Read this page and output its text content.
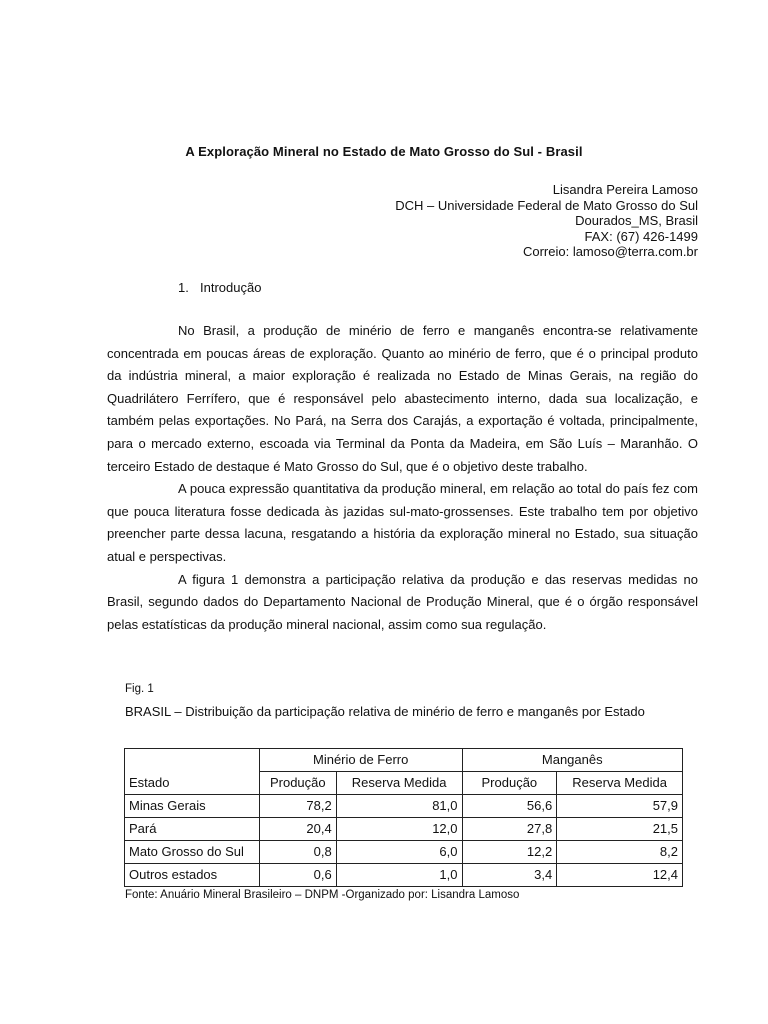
A Exploração Mineral no Estado de Mato Grosso do Sul - Brasil
Lisandra Pereira Lamoso
DCH – Universidade Federal de Mato Grosso do Sul
Dourados_MS, Brasil
FAX: (67) 426-1499
Correio: lamoso@terra.com.br
1. Introdução

No Brasil, a produção de minério de ferro e manganês encontra-se relativamente concentrada em poucas áreas de exploração. Quanto ao minério de ferro, que é o principal produto da indústria mineral, a maior exploração é realizada no Estado de Minas Gerais, na região do Quadrilátero Ferrífero, que é responsável pelo abastecimento interno, dada sua localização, e também pelas exportações. No Pará, na Serra dos Carajás, a exportação é voltada, principalmente, para o mercado externo, escoada via Terminal da Ponta da Madeira, em São Luís – Maranhão. O terceiro Estado de destaque é Mato Grosso do Sul, que é o objetivo deste trabalho.

A pouca expressão quantitativa da produção mineral, em relação ao total do país fez com que pouca literatura fosse dedicada às jazidas sul-mato-grossenses. Este trabalho tem por objetivo preencher parte dessa lacuna, resgatando a história da exploração mineral no Estado, sua situação atual e perspectivas.

A figura 1 demonstra a participação relativa da produção e das reservas medidas no Brasil, segundo dados do Departamento Nacional de Produção Mineral, que é o órgão responsável pelas estatísticas da produção mineral nacional, assim como sua regulação.

Fig. 1
BRASIL – Distribuição da participação relativa de minério de ferro e manganês por Estado
Estado	Minério de Ferro		Manganês	
	Produção	Reserva Medida	Produção	Reserva Medida
Minas Gerais	78,2	81,0	56,6	57,9
Pará	20,4	12,0	27,8	21,5
Mato Grosso do Sul	0,8	6,0	12,2	8,2
Outros estados	0,6	1,0	3,4	12,4
Fonte: Anuário Mineral Brasileiro – DNPM -Organizado por: Lisandra Lamoso
